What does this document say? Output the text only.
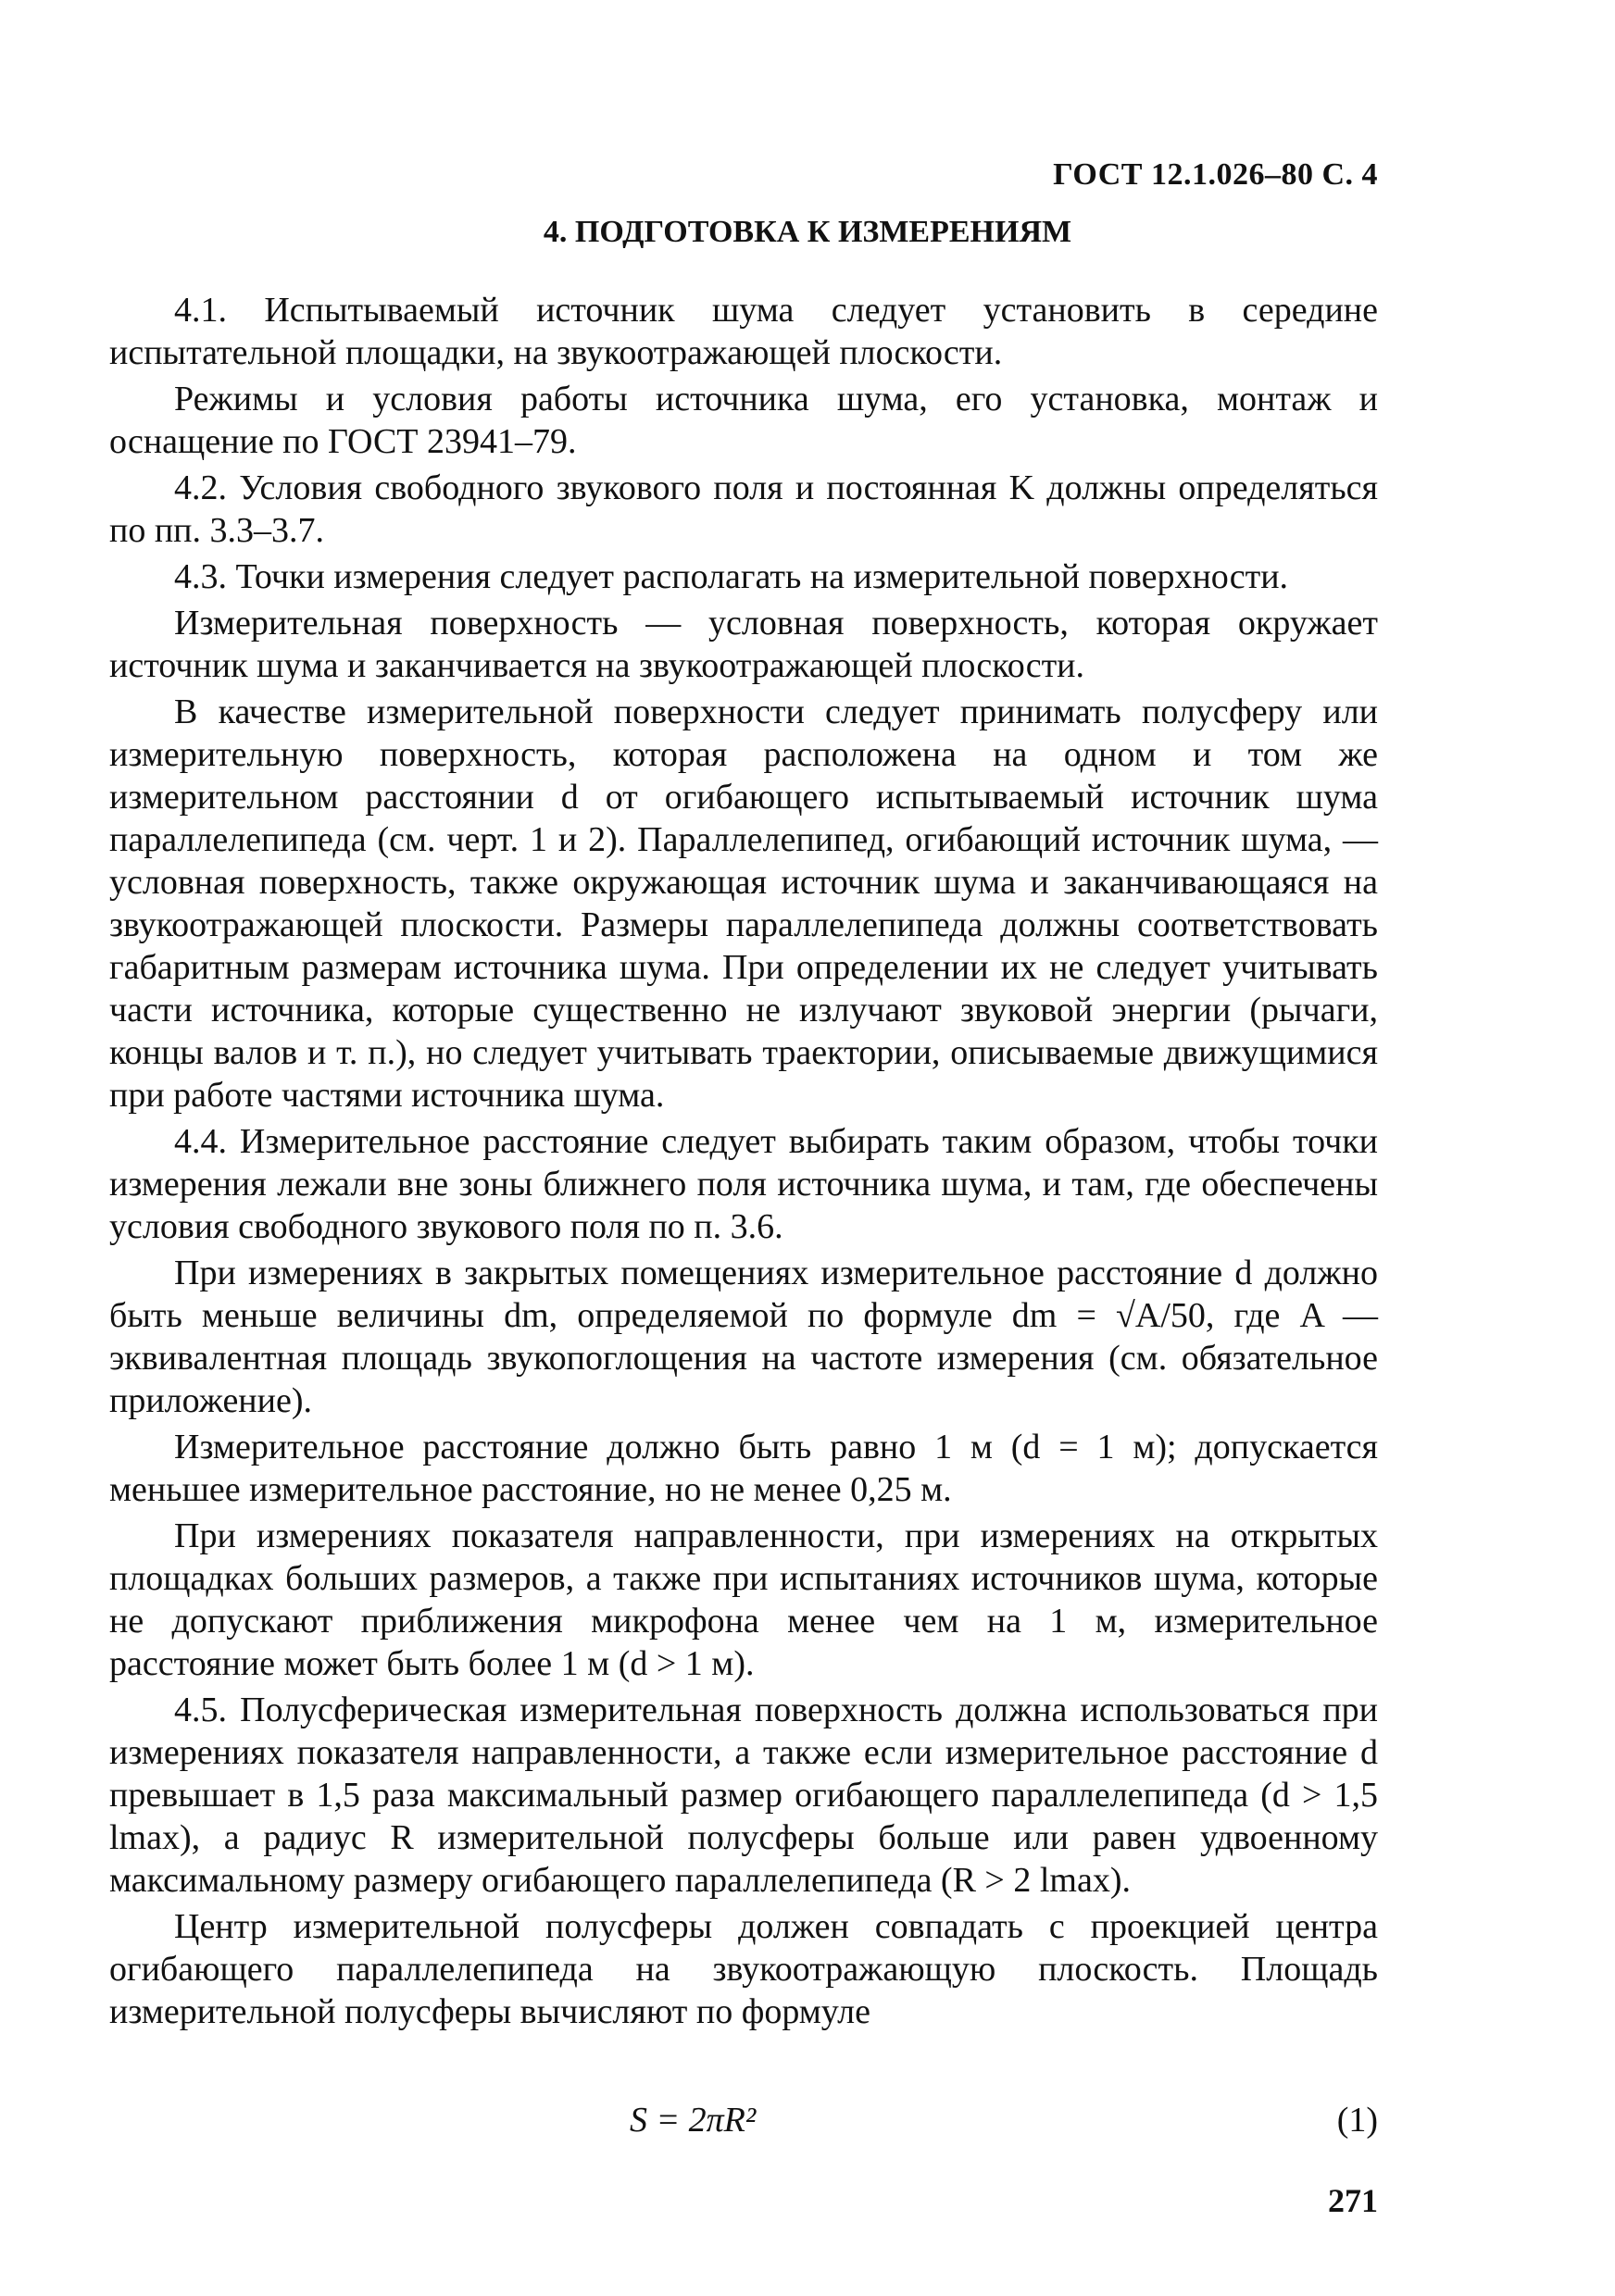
ГОСТ 12.1.026–80 С. 4
4. ПОДГОТОВКА К ИЗМЕРЕНИЯМ

4.1. Испытываемый источник шума следует установить в середине испытательной площадки, на звукоотражающей плоскости.

Режимы и условия работы источника шума, его установка, монтаж и оснащение по ГОСТ 23941–79.

4.2. Условия свободного звукового поля и постоянная K должны определяться по пп. 3.3–3.7.

4.3. Точки измерения следует располагать на измерительной поверхности.

Измерительная поверхность — условная поверхность, которая окружает источник шума и заканчивается на звукоотражающей плоскости.

В качестве измерительной поверхности следует принимать полусферу или измерительную поверхность, которая расположена на одном и том же измерительном расстоянии d от огибающего испытываемый источник шума параллелепипеда (см. черт. 1 и 2). Параллелепипед, огибающий источник шума, — условная поверхность, также окружающая источник шума и заканчивающаяся на звукоотражающей плоскости. Размеры параллелепипеда должны соответствовать габаритным размерам источника шума. При определении их не следует учитывать части источника, которые существенно не излучают звуковой энергии (рычаги, концы валов и т. п.), но следует учитывать траектории, описываемые движущимися при работе частями источника шума.

4.4. Измерительное расстояние следует выбирать таким образом, чтобы точки измерения лежали вне зоны ближнего поля источника шума, и там, где обеспечены условия свободного звукового поля по п. 3.6.

При измерениях в закрытых помещениях измерительное расстояние d должно быть меньше величины dm, определяемой по формуле dm = √A/50, где A — эквивалентная площадь звукопоглощения на частоте измерения (см. обязательное приложение).

Измерительное расстояние должно быть равно 1 м (d = 1 м); допускается меньшее измерительное расстояние, но не менее 0,25 м.

При измерениях показателя направленности, при измерениях на открытых площадках больших размеров, а также при испытаниях источников шума, которые не допускают приближения микрофона менее чем на 1 м, измерительное расстояние может быть более 1 м (d > 1 м).

4.5. Полусферическая измерительная поверхность должна использоваться при измерениях показателя направленности, а также если измерительное расстояние d превышает в 1,5 раза максимальный размер огибающего параллелепипеда (d > 1,5 lmax), а радиус R измерительной полусферы больше или равен удвоенному максимальному размеру огибающего параллелепипеда (R > 2 lmax).

Центр измерительной полусферы должен совпадать с проекцией центра огибающего параллелепипеда на звукоотражающую плоскость. Площадь измерительной полусферы вычисляют по формуле

S = 2πR²	(1)
271
